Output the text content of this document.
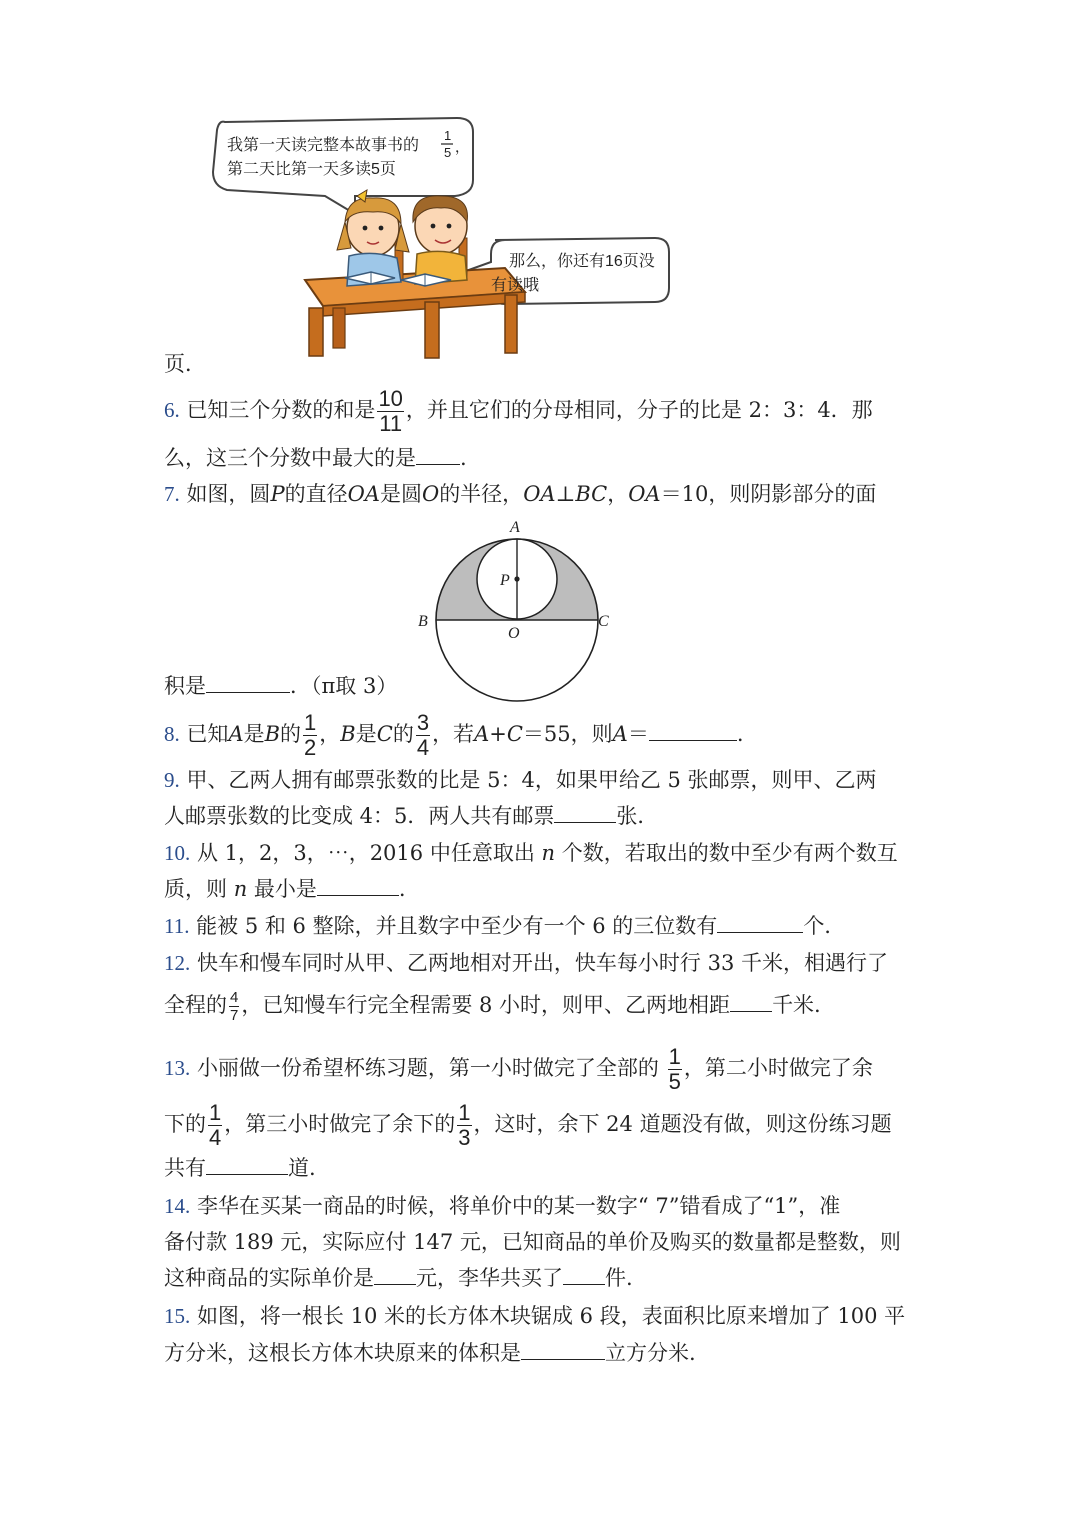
我第一天读完整本故事书的
1
5 ，
第二天比第一天多读5页
那么，你还有16页没
有读哦
页．
6. 已知三个分数的和是 $\frac{10}{11}$ ，并且它们的分母相同，分子的比是 2：3：4．那
么，这三个分数中最大的是 .
7. 如图，圆P的直径OA是圆O的半径，OA⊥BC，OA＝10，则阴影部分的面
A
P
B
O
C
积是	．（π取 3）
8. 已知A是B的 $\frac{1}{2}$ ，B是C的 $\frac{3}{4}$ ，若A+C＝55，则A＝	.
9. 甲、乙两人拥有邮票张数的比是 5：4，如果甲给乙 5 张邮票，则甲、乙两
人邮票张数的比变成 4：5．两人共有邮票	张．
10. 从 1，2，3，⋯，2016 中任意取出 n 个数，若取出的数中至少有两个数互
质，则 n 最小是	.
11. 能被 5 和 6 整除，并且数字中至少有一个 6 的三位数有	个.
12. 快车和慢车同时从甲、乙两地相对开出，快车每小时行 33 千米，相遇行了
全程的 $\frac{4}{7}$ ，已知慢车行完全程需要 8 小时，则甲、乙两地相距 千米.
13. 小丽做一份希望杯练习题，第一小时做完了全部的 $\frac{1}{5}$ ，第二小时做完了余
下的 $\frac{1}{4}$ ，第三小时做完了余下的 $\frac{1}{3}$ ，这时，余下 24 道题没有做，则这份练习题
共有	道.
14. 李华在买某一商品的时候，将单价中的某一数字“ 7”错看成了“1”，准
备付款 189 元，实际应付 147 元，已知商品的单价及购买的数量都是整数，则
这种商品的实际单价是 元，李华共买了 件.
15. 如图，将一根长 10 米的长方体木块锯成 6 段，表面积比原来增加了 100 平
方分米，这根长方体木块原来的体积是	立方分米.
